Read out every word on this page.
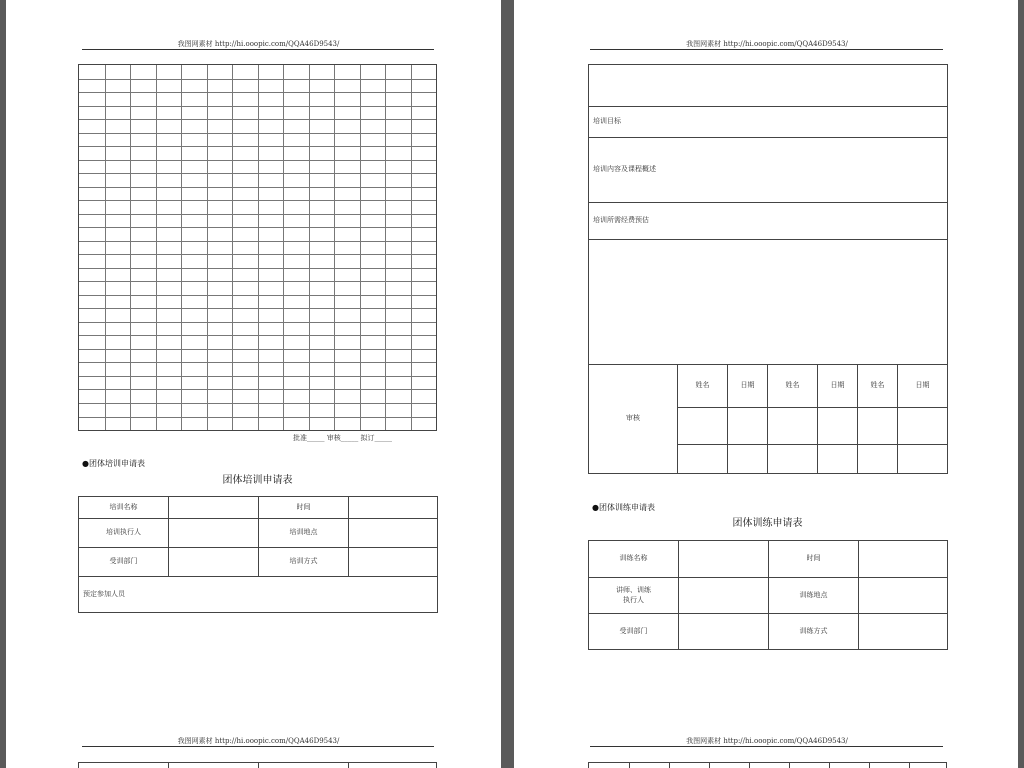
我图网素材 http://hi.ooopic.com/QQA46D9543/
批准_____ 审核_____ 拟订_____
●团体培训申请表
团体培训申请表
培训名称		时间	
培训执行人		培训地点	
受训部门		培训方式	
预定参加人员			
我图网素材 http://hi.ooopic.com/QQA46D9543/
我图网素材 http://hi.ooopic.com/QQA46D9543/

培训目标						
培训内容及课程概述						
培训所需经费预估						

审核	姓名	日期	姓名	日期	姓名	日期

●团体训练申请表
团体训练申请表
训练名称		时间	
讲师、训练
执行人		训练地点	
受训部门		训练方式	
我图网素材 http://hi.ooopic.com/QQA46D9543/
